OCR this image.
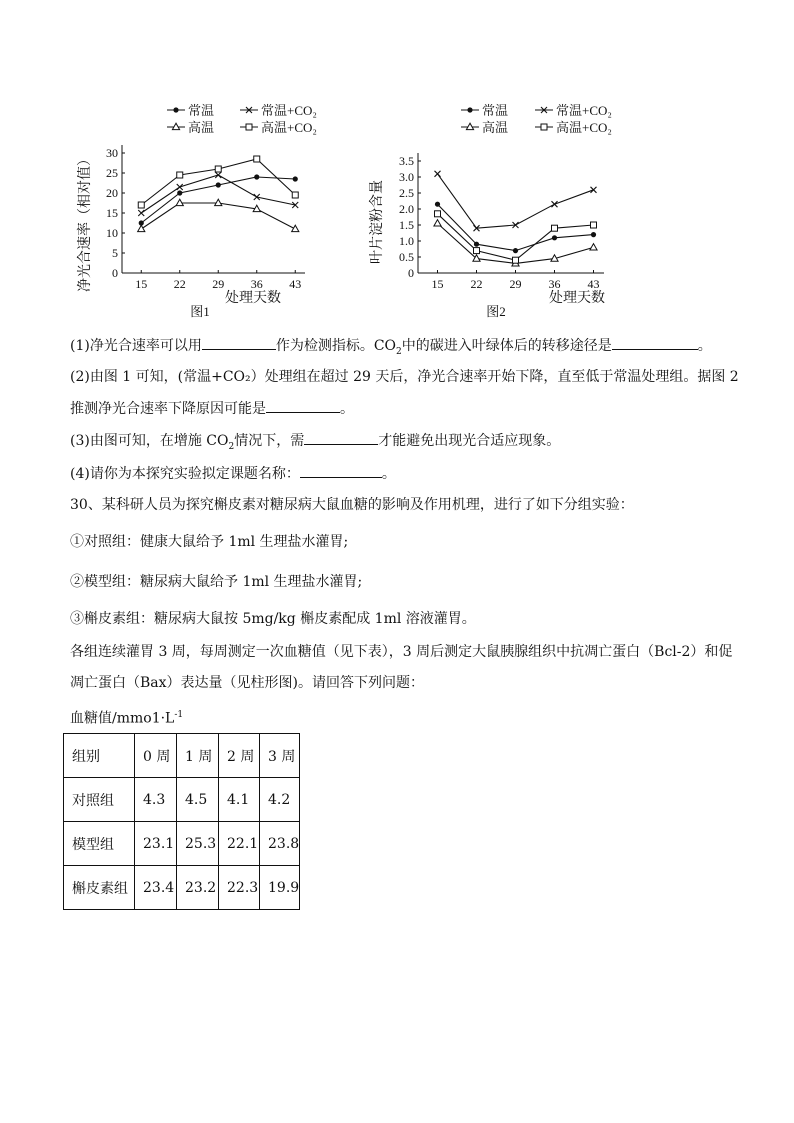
0
5
10
15
20
25
30
15 22 29 36 43
常温	常温+CO₂
高温	高温+CO₂
处理天数
图1
净光合速率（相对值）	0
0.5
1.0
1.5
2.0
2.5
3.0
3.5
15 22 29 36 43
常温	常温+CO₂
高温	高温+CO₂
处理天数
图2
叶片淀粉含量
(1)净光合速率可以用	作为检测指标。$CO_2$中的碳进入叶绿体后的转移途径是	。
(2)由图 1 可知，(常温+CO₂）处理组在超过 29 天后，净光合速率开始下降，直至低于常温处理组。据图 2
推测净光合速率下降原因可能是	。
(3)由图可知，在增施 $CO_2$情况下，需	才能避免出现光合适应现象。
(4)请你为本探究实验拟定课题名称：	。
30、某科研人员为探究槲皮素对糖尿病大鼠血糖的影响及作用机理，进行了如下分组实验：
①对照组：健康大鼠给予 1ml 生理盐水灌胃;
②模型组：糖尿病大鼠给予 1ml 生理盐水灌胃;
③槲皮素组：糖尿病大鼠按 5mg/kg 槲皮素配成 1ml 溶液灌胃。
各组连续灌胃 3 周，每周测定一次血糖值（见下表），3 周后测定大鼠胰腺组织中抗凋亡蛋白（Bcl-2）和促
凋亡蛋白（Bax）表达量（见柱形图)。请回答下列问题：
血糖值$/mmo1\cdot L^{-1}$
组别	0 周	1 周	2 周	3 周
对照组	4.3	4.5	4.1	4.2
模型组	23.1	25.3	22.1	23.8
槲皮素组	23.4	23.2	22.3	19.9
